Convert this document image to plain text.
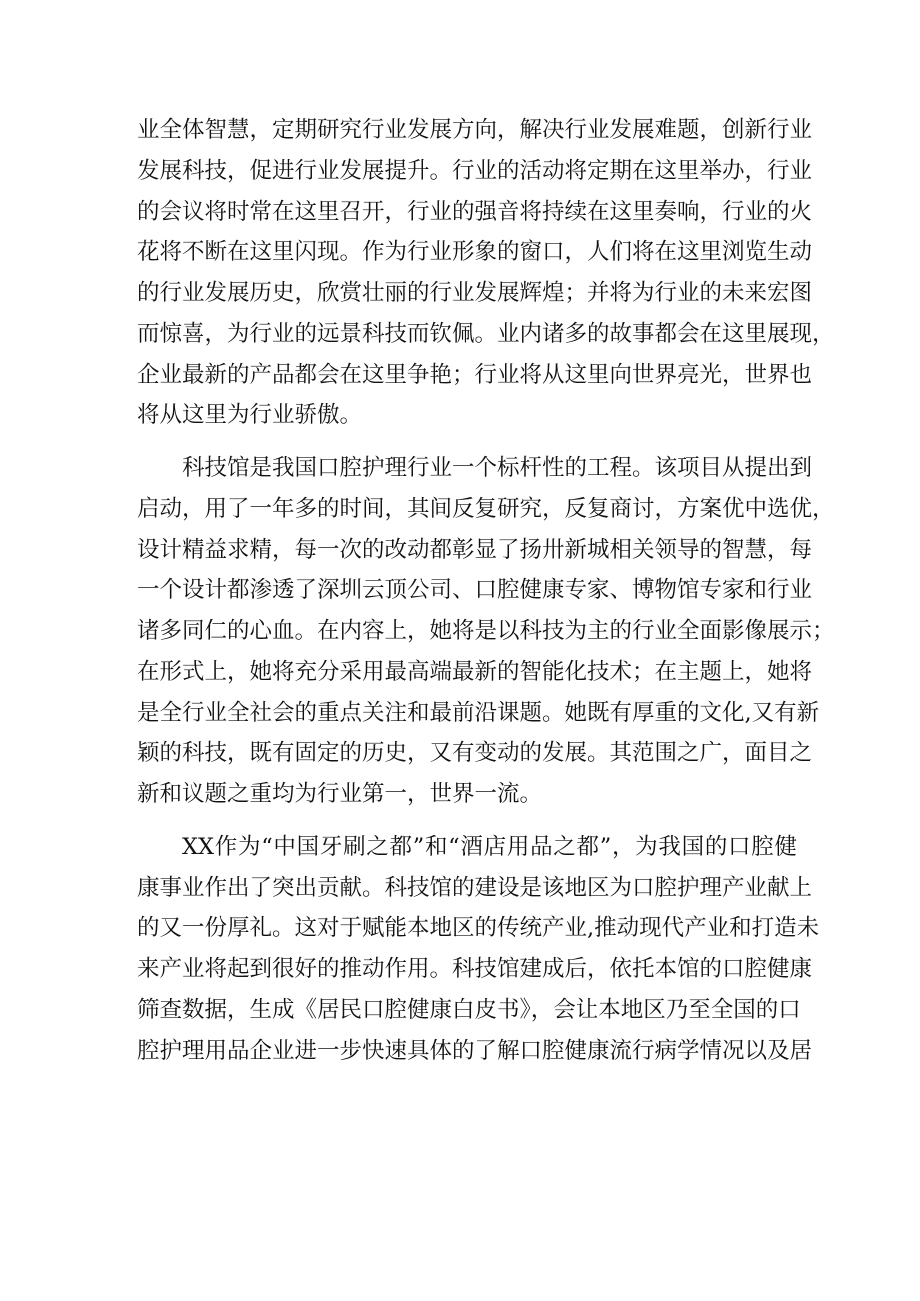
业全体智慧，定期研究行业发展方向，解决行业发展难题，创新行业
发展科技，促进行业发展提升。行业的活动将定期在这里举办，行业
的会议将时常在这里召开，行业的强音将持续在这里奏响，行业的火
花将不断在这里闪现。作为行业形象的窗口，人们将在这里浏览生动
的行业发展历史，欣赏壮丽的行业发展辉煌；并将为行业的未来宏图
而惊喜，为行业的远景科技而钦佩。业内诸多的故事都会在这里展现，
企业最新的产品都会在这里争艳；行业将从这里向世界亮光，世界也
将从这里为行业骄傲。
科技馆是我国口腔护理行业一个标杆性的工程。该项目从提出到
启动，用了一年多的时间，其间反复研究，反复商讨，方案优中选优，
设计精益求精，每一次的改动都彰显了扬卅新城相关领导的智慧，每
一个设计都渗透了深圳云顶公司、口腔健康专家、博物馆专家和行业
诸多同仁的心血。在内容上，她将是以科技为主的行业全面影像展示；
在形式上，她将充分采用最高端最新的智能化技术；在主题上，她将
是全行业全社会的重点关注和最前沿课题。她既有厚重的文化,又有新
颖的科技，既有固定的历史，又有变动的发展。其范围之广，面目之
新和议题之重均为行业第一，世界一流。
XX作为“中国牙刷之都”和“酒店用品之都”，为我国的口腔健
康事业作出了突出贡献。科技馆的建设是该地区为口腔护理产业献上
的又一份厚礼。这对于赋能本地区的传统产业,推动现代产业和打造未
来产业将起到很好的推动作用。科技馆建成后，依托本馆的口腔健康
筛查数据，生成《居民口腔健康白皮书》，会让本地区乃至全国的口
腔护理用品企业进一步快速具体的了解口腔健康流行病学情况以及居
